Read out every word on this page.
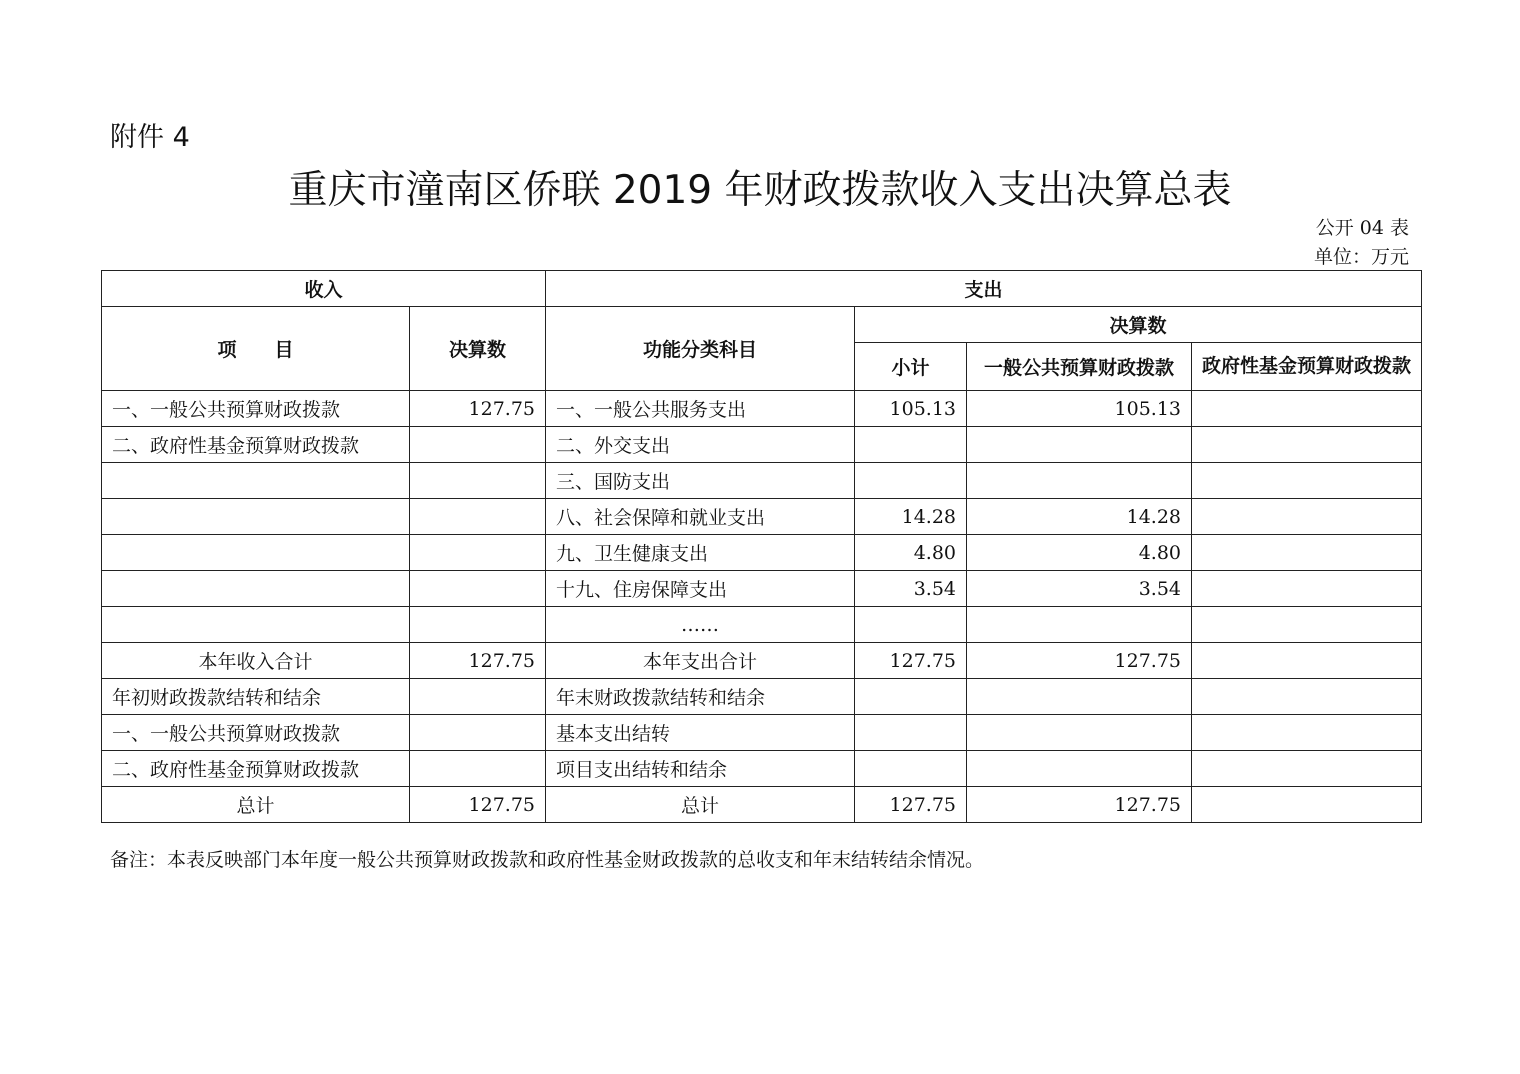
附件 4
重庆市潼南区侨联 2019 年财政拨款收入支出决算总表
公开 04 表
单位：万元
收入		支出			
项　　目	决算数	功能分类科目	决算数		
			小计	一般公共预算财政拨款	政府性基金预算财政拨款
一、一般公共预算财政拨款	127.75	一、一般公共服务支出	105.13	105.13	
二、政府性基金预算财政拨款		二、外交支出			
		三、国防支出			
		八、社会保障和就业支出	14.28	14.28	
		九、卫生健康支出	4.80	4.80	
		十九、住房保障支出	3.54	3.54	
		……			
本年收入合计	127.75	本年支出合计	127.75	127.75	
年初财政拨款结转和结余		年末财政拨款结转和结余			
一、一般公共预算财政拨款		基本支出结转			
二、政府性基金预算财政拨款		项目支出结转和结余			
总计	127.75	总计	127.75	127.75	
备注：本表反映部门本年度一般公共预算财政拨款和政府性基金财政拨款的总收支和年末结转结余情况。
